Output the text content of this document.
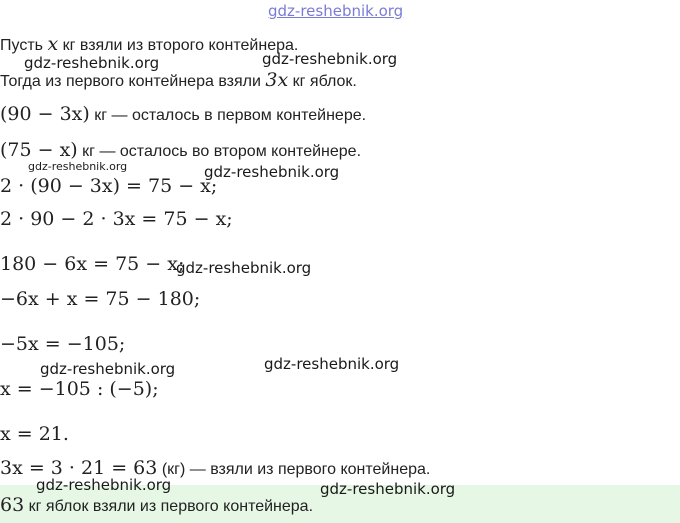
gdz-reshebnik.org
Пусть x кг взяли из второго контейнера.
Тогда из первого контейнера взяли 3x кг яблок.
(90 − 3x) кг — осталось в первом контейнере.
(75 − x) кг — осталось во втором контейнере.
2 · (90 − 3x) = 75 − x;
2 · 90 − 2 · 3x = 75 − x;
180 − 6x = 75 − x;
−6x + x = 75 − 180;
−5x = −105;
x = −105 : (−5);
x = 21.
3x = 3 · 21 = 63 (кг) — взяли из первого контейнера.
63 кг яблок взяли из первого контейнера.
gdz-reshebnik.org	gdz-reshebnik.org
gdz-reshebnik.org	gdz-reshebnik.org
gdz-reshebnik.org
gdz-reshebnik.org
gdz-reshebnik.org
gdz-reshebnik.org	gdz-reshebnik.org
